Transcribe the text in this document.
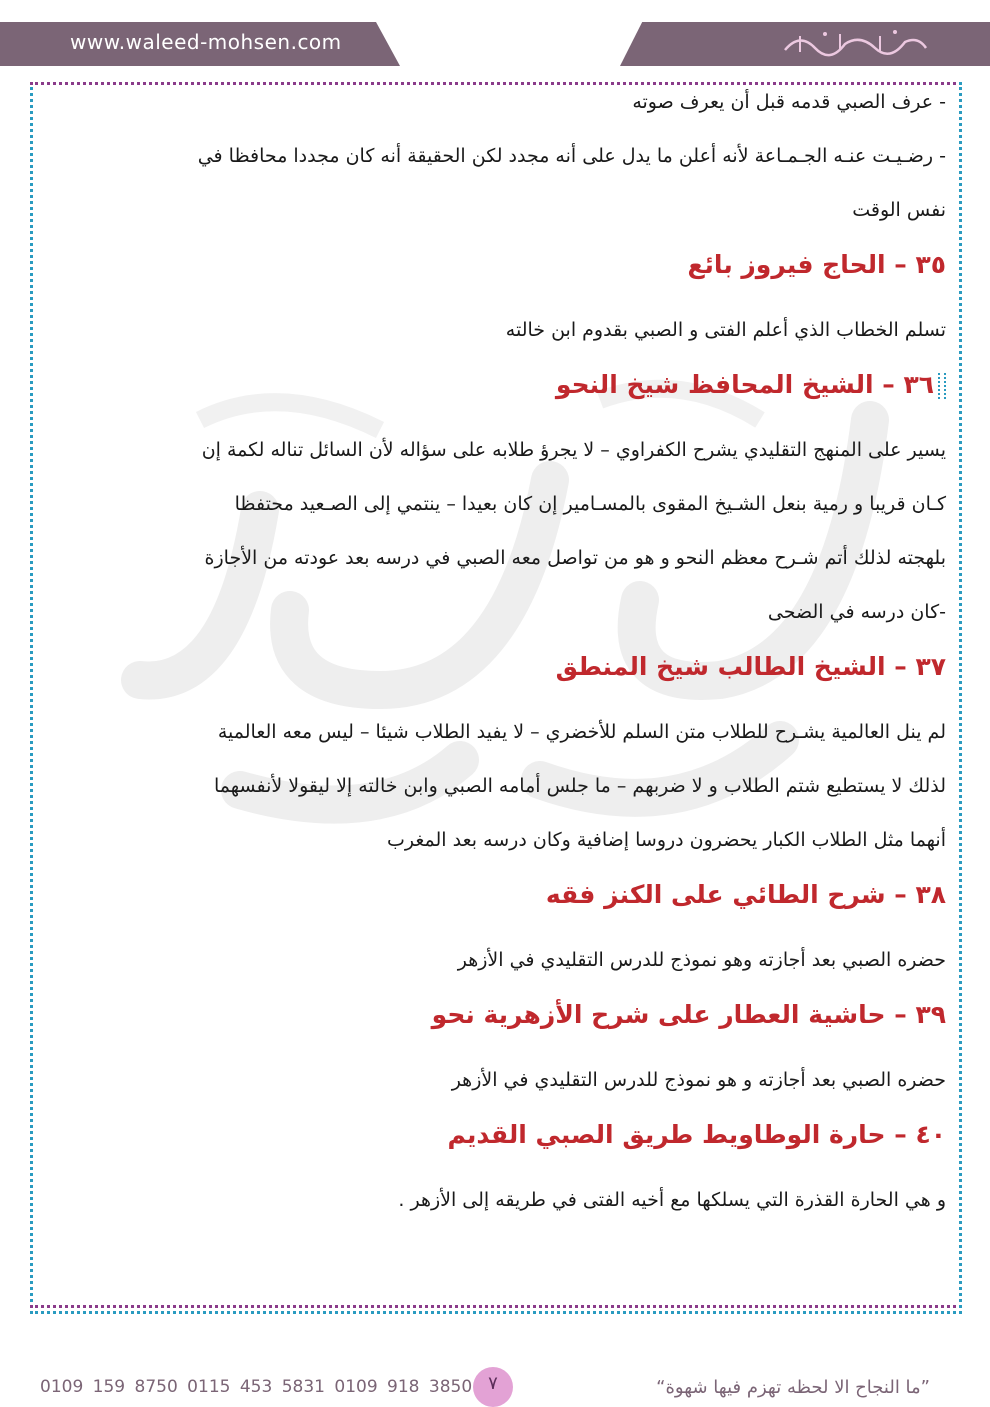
www.waleed-mohsen.com
- عرف الصبي قدمه قبل أن يعرف صوته
- رضـيـت عنـه الجـمـاعة لأنه أعلن ما يدل على أنه مجدد لكن الحقيقة أنه كان مجددا محافظا في
نفس الوقت
٣٥ – الحاج فيروز بائع
تسلم الخطاب الذي أعلم الفتى و الصبي بقدوم ابن خالته
٣٦ – الشيخ المحافظ شيخ النحو
يسير على المنهج التقليدي يشرح الكفراوي – لا يجرؤ طلابه على سؤاله لأن السائل تناله لكمة إن
كـان قريبا و رمية بنعل الشـيخ المقوى بالمسـامير إن كان بعيدا – ينتمي إلى الصـعيد محتفظا
بلهجته لذلك أتم شـرح معظم النحو و هو من تواصل معه الصبي في درسه بعد عودته من الأجازة
-كان درسه في الضحى
٣٧ – الشيخ الطالب شيخ المنطق
لم ينل العالمية يشـرح للطلاب متن السلم للأخضري – لا يفيد الطلاب شيئا – ليس معه العالمية
لذلك لا يستطيع شتم الطلاب و لا ضربهم – ما جلس أمامه الصبي وابن خالته إلا ليقولا لأنفسهما
أنهما مثل الطلاب الكبار يحضرون دروسا إضافية وكان درسه بعد المغرب
٣٨ – شرح الطائي على الكنز فقه
حضره الصبي بعد أجازته وهو نموذج للدرس التقليدي في الأزهر
٣٩ – حاشية العطار على شرح الأزهرية نحو
حضره الصبي بعد أجازته و هو نموذج للدرس التقليدي في الأزهر
٤٠ – حارة الوطاويط طريق الصبي القديم
و هي الحارة القذرة التي يسلكها مع أخيه الفتى في طريقه إلى الأزهر .
0109 159 8750 0115 453 5831 0109 918 3850 ٧	”ما النجاح الا لحظه تهزم فيها شهوة“
